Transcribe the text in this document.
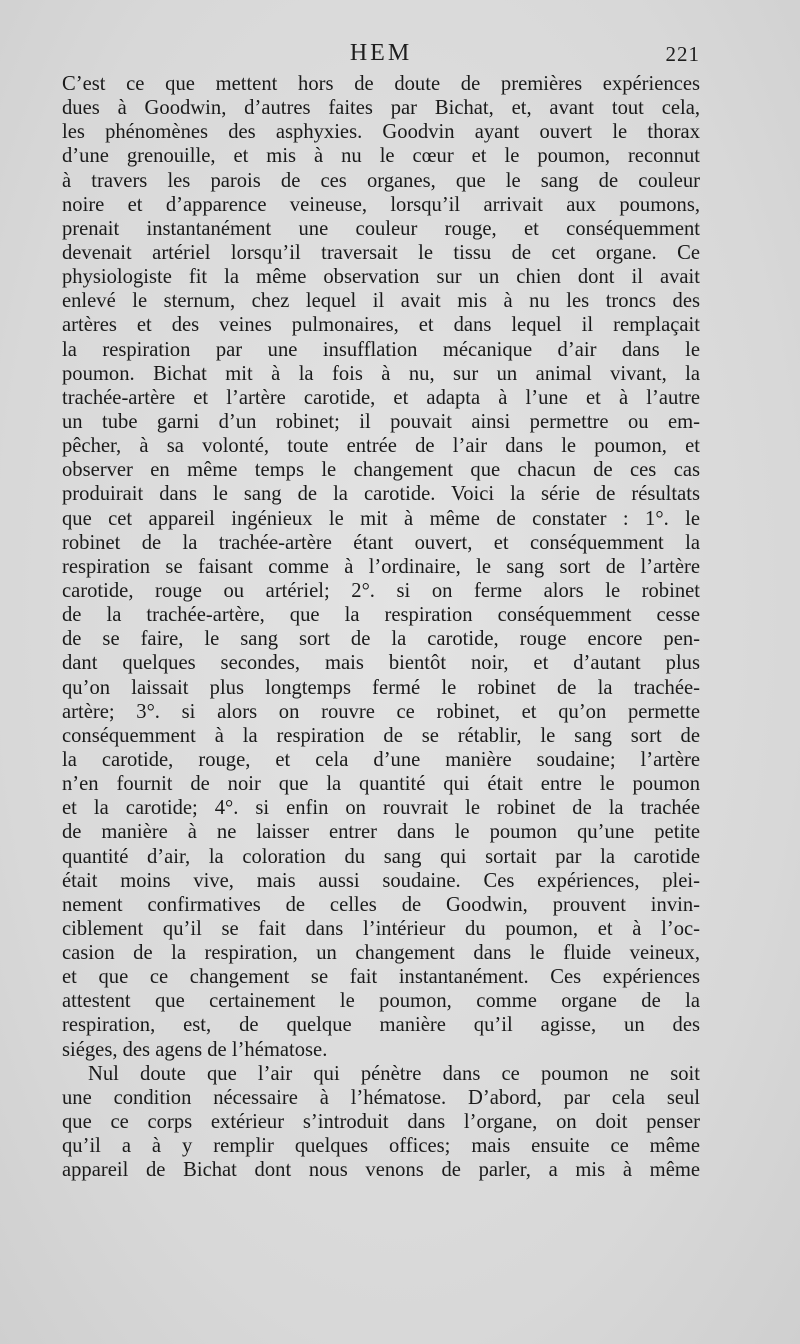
HEM	221
C’est ce que mettent hors de doute de premières expériences
dues à Goodwin, d’autres faites par Bichat, et, avant tout cela,
les phénomènes des asphyxies. Goodvin ayant ouvert le thorax
d’une grenouille, et mis à nu le cœur et le poumon, reconnut
à travers les parois de ces organes, que le sang de couleur
noire et d’apparence veineuse, lorsqu’il arrivait aux poumons,
prenait instantanément une couleur rouge, et conséquemment
devenait artériel lorsqu’il traversait le tissu de cet organe. Ce
physiologiste fit la même observation sur un chien dont il avait
enlevé le sternum, chez lequel il avait mis à nu les troncs des
artères et des veines pulmonaires, et dans lequel il remplaçait
la respiration par une insufflation mécanique d’air dans le
poumon. Bichat mit à la fois à nu, sur un animal vivant, la
trachée-artère et l’artère carotide, et adapta à l’une et à l’autre
un tube garni d’un robinet; il pouvait ainsi permettre ou em-
pêcher, à sa volonté, toute entrée de l’air dans le poumon, et
observer en même temps le changement que chacun de ces cas
produirait dans le sang de la carotide. Voici la série de résultats
que cet appareil ingénieux le mit à même de constater : 1°. le
robinet de la trachée-artère étant ouvert, et conséquemment la
respiration se faisant comme à l’ordinaire, le sang sort de l’artère
carotide, rouge ou artériel; 2°. si on ferme alors le robinet
de la trachée-artère, que la respiration conséquemment cesse
de se faire, le sang sort de la carotide, rouge encore pen-
dant quelques secondes, mais bientôt noir, et d’autant plus
qu’on laissait plus longtemps fermé le robinet de la trachée-
artère; 3°. si alors on rouvre ce robinet, et qu’on permette
conséquemment à la respiration de se rétablir, le sang sort de
la carotide, rouge, et cela d’une manière soudaine; l’artère
n’en fournit de noir que la quantité qui était entre le poumon
et la carotide; 4°. si enfin on rouvrait le robinet de la trachée
de manière à ne laisser entrer dans le poumon qu’une petite
quantité d’air, la coloration du sang qui sortait par la carotide
était moins vive, mais aussi soudaine. Ces expériences, plei-
nement confirmatives de celles de Goodwin, prouvent invin-
ciblement qu’il se fait dans l’intérieur du poumon, et à l’oc-
casion de la respiration, un changement dans le fluide veineux,
et que ce changement se fait instantanément. Ces expériences
attestent que certainement le poumon, comme organe de la
respiration, est, de quelque manière qu’il agisse, un des
siéges, des agens de l’hématose.
Nul doute que l’air qui pénètre dans ce poumon ne soit
une condition nécessaire à l’hématose. D’abord, par cela seul
que ce corps extérieur s’introduit dans l’organe, on doit penser
qu’il a à y remplir quelques offices; mais ensuite ce même
appareil de Bichat dont nous venons de parler, a mis à même
